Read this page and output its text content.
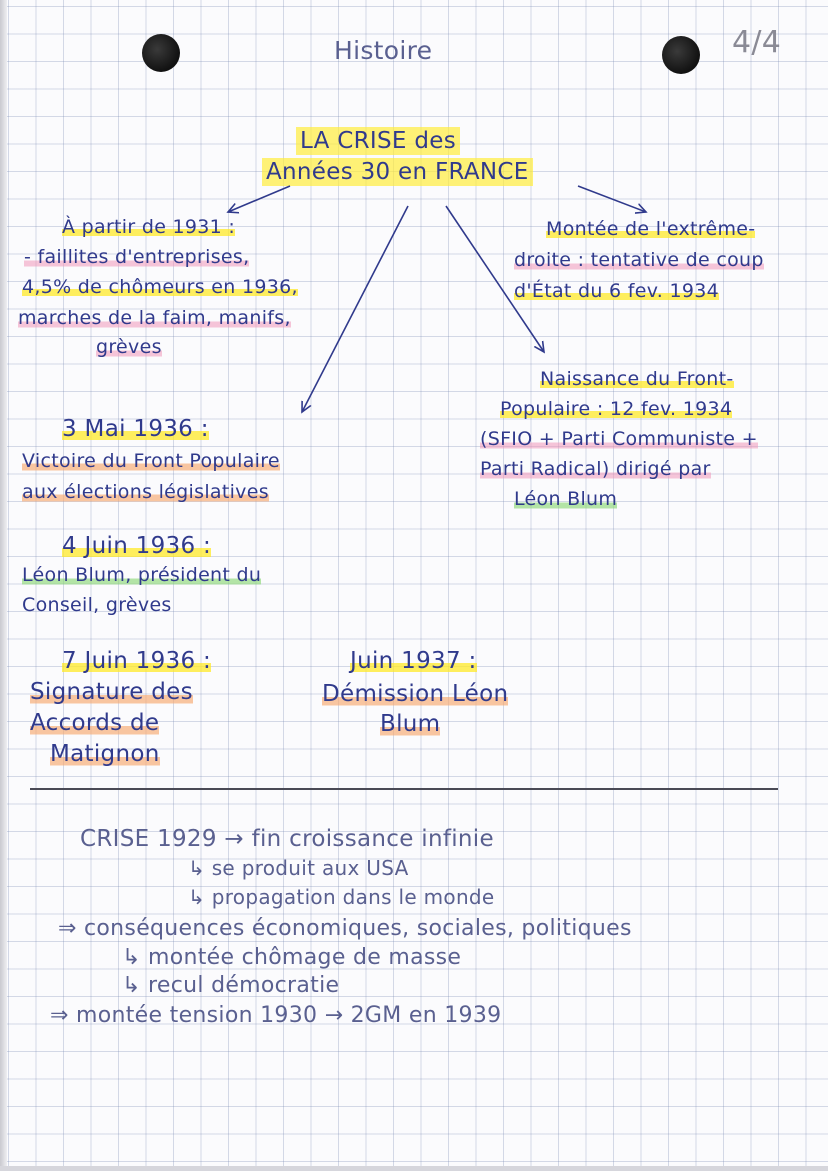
Histoire	4/4
LA CRISE des
Années 30 en FRANCE
À partir de 1931 :
- faillites d'entreprises,
4,5% de chômeurs en 1936,
marches de la faim, manifs,
grèves
3 Mai 1936 :
Victoire du Front Populaire
aux élections législatives
4 Juin 1936 :
Léon Blum, président du
Conseil, grèves
7 Juin 1936 :
Signature des
Accords de
Matignon
Juin 1937 :
Démission Léon
Blum
Montée de l'extrême-
droite : tentative de coup
d'État du 6 fev. 1934
Naissance du Front-
Populaire : 12 fev. 1934
(SFIO + Parti Communiste +
Parti Radical) dirigé par
Léon Blum
CRISE 1929 → fin croissance infinie
↳ se produit aux USA
↳ propagation dans le monde
⇒ conséquences économiques, sociales, politiques
↳ montée chômage de masse
↳ recul démocratie
⇒ montée tension 1930 → 2GM en 1939
